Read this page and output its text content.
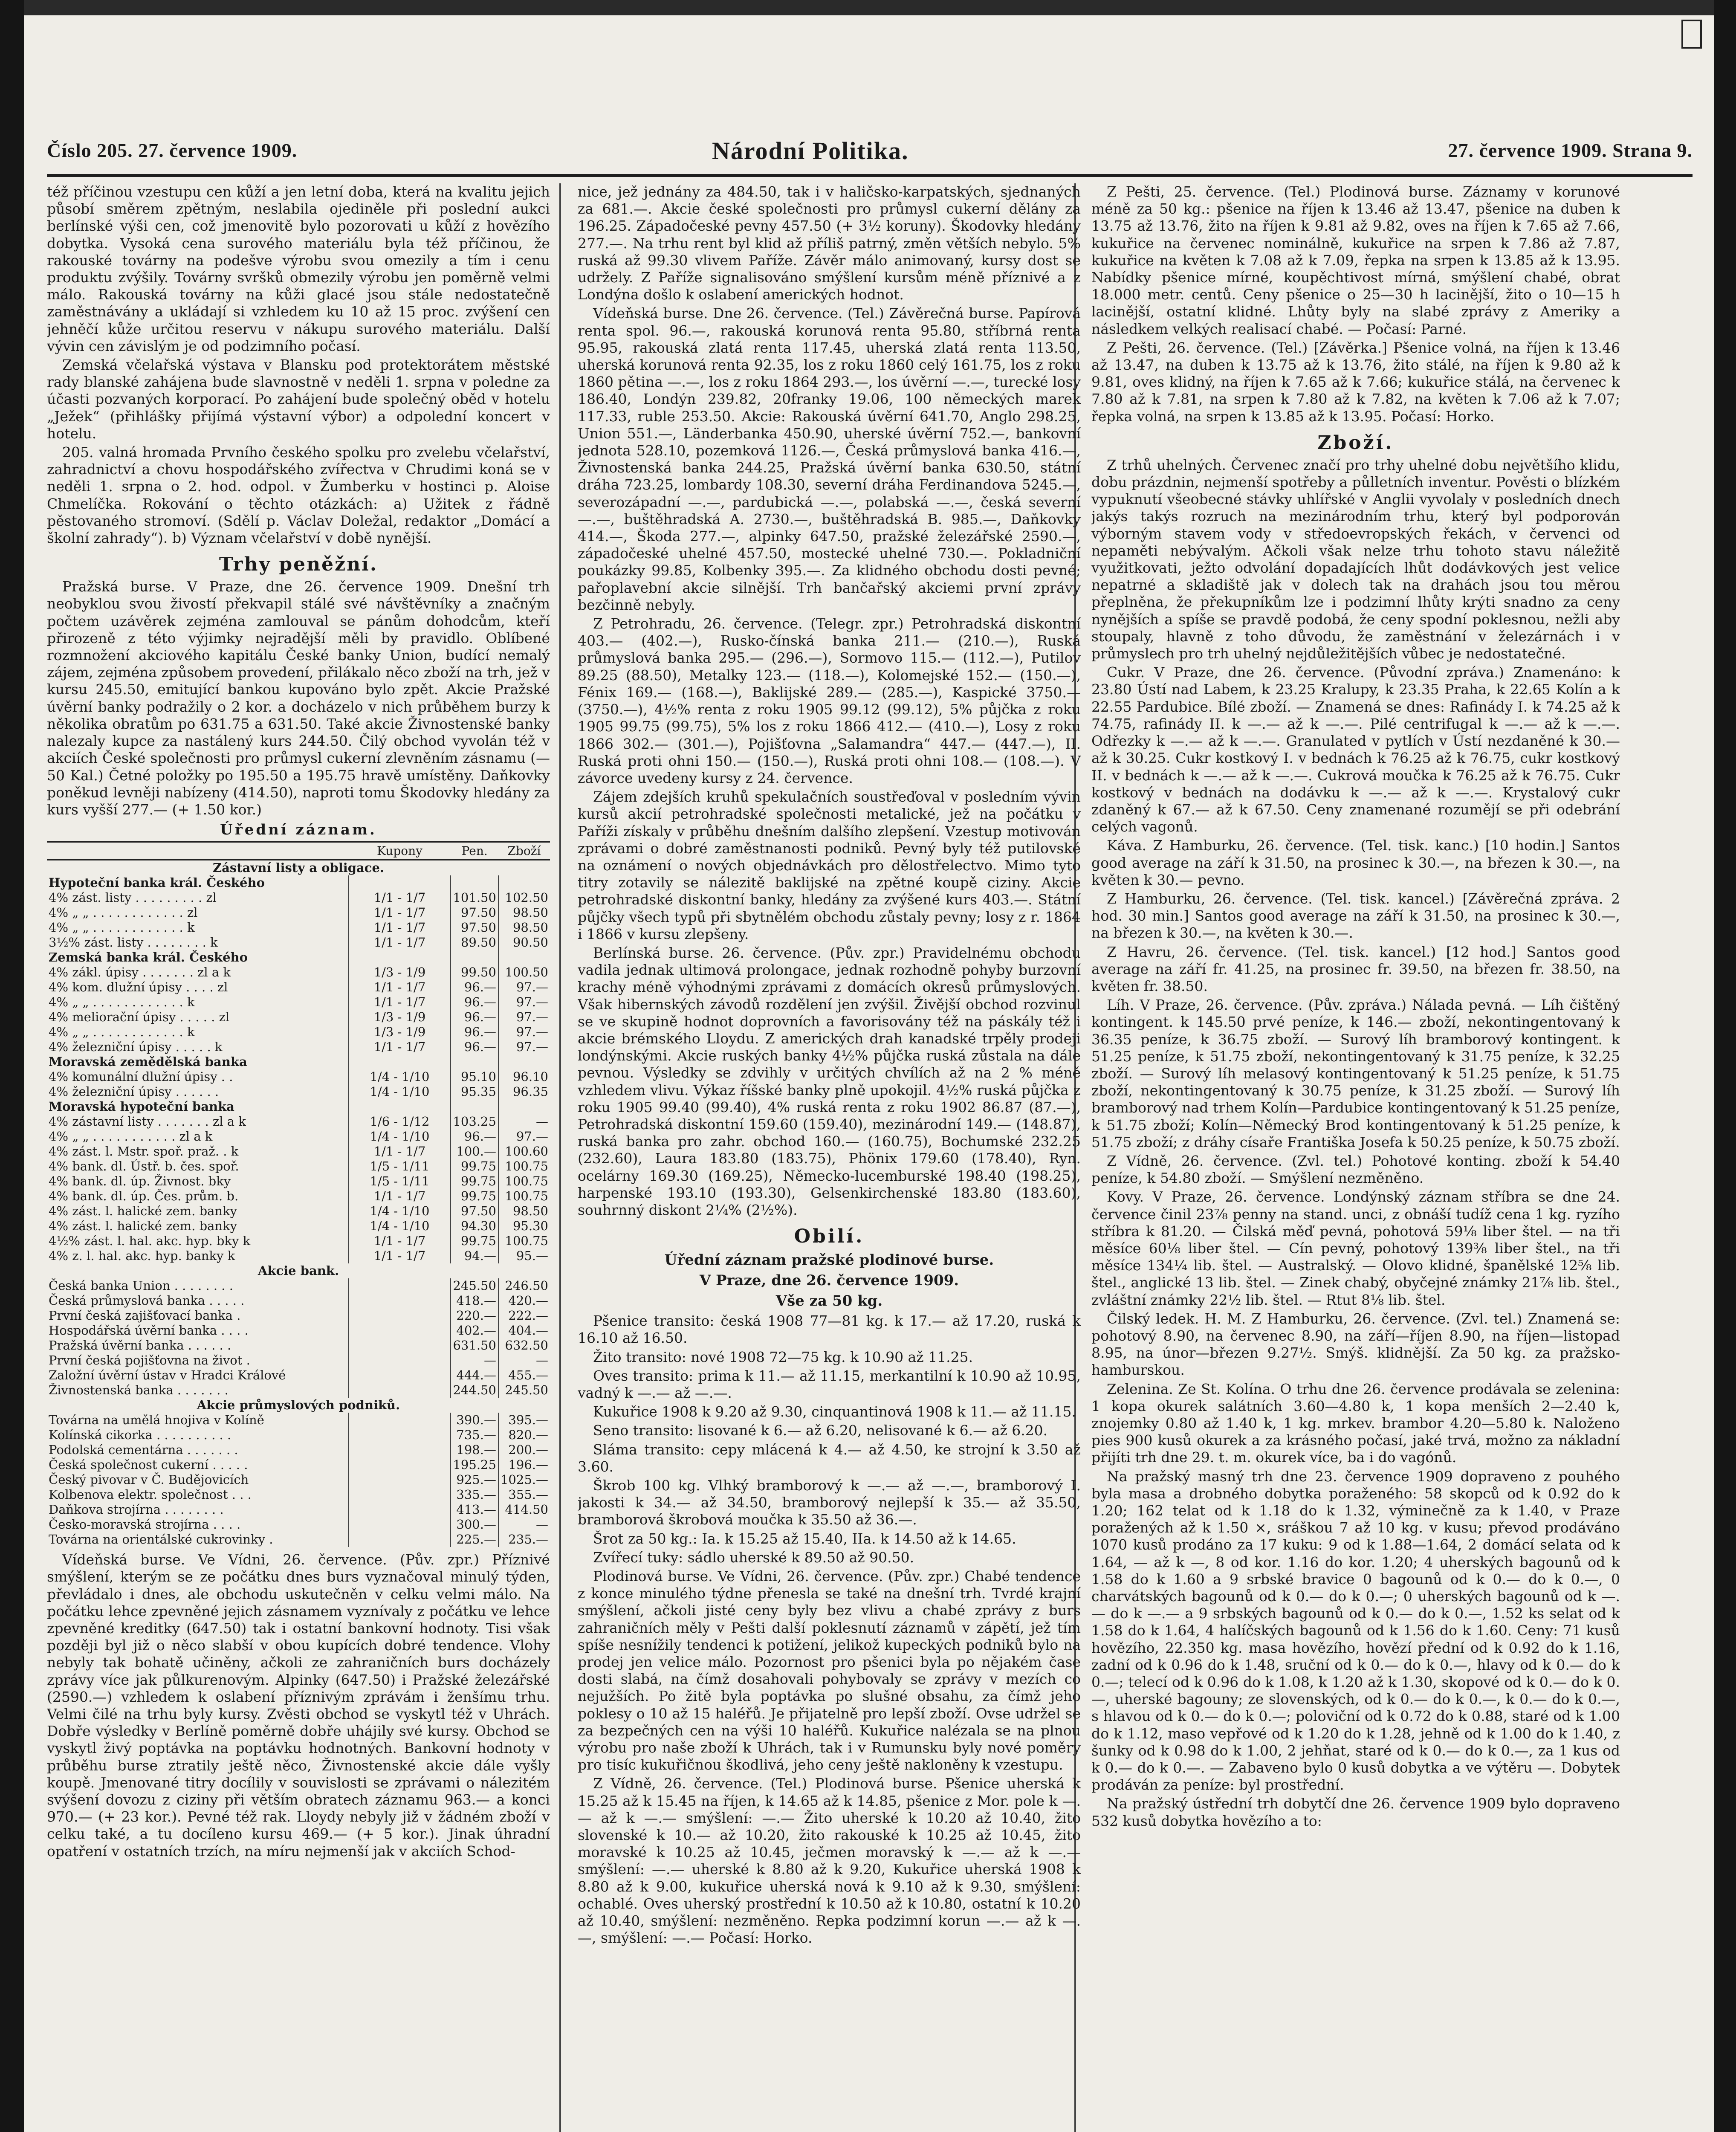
Číslo 205. 27. července 1909.	Národní Politika.	27. července 1909. Strana 9.

též příčinou vzestupu cen kůží a jen letní doba, která na kvalitu jejich působí směrem zpětným, neslabila ojediněle při poslední aukci berlínské výši cen, což jmenovitě bylo pozorovati u kůží z hovězího dobytka. Vysoká cena surového materiálu byla též příčinou, že rakouské továrny na podešve výrobu svou omezily a tím i cenu produktu zvýšily. Továrny svršků obmezily výrobu jen poměrně velmi málo. Rakouská továrny na kůži glacé jsou stále nedostatečně zaměstnávány a ukládají si vzhledem ku 10 až 15 proc. zvýšení cen jehněčí kůže určitou reservu v nákupu surového materiálu. Další vývin cen závislým je od podzimního počasí.

Zemská včelařská výstava v Blansku pod protektorátem městské rady blanské zahájena bude slavnostně v neděli 1. srpna v poledne za účasti pozvaných korporací. Po zahájení bude společný oběd v hotelu „Ježek“ (přihlášky přijímá výstavní výbor) a odpolední koncert v hotelu.

205. valná hromada Prvního českého spolku pro zvelebu včelařství, zahradnictví a chovu hospodářského zvířectva v Chrudimi koná se v neděli 1. srpna o 2. hod. odpol. v Žumberku v hostinci p. Aloise Chmelíčka. Rokování o těchto otázkách: a) Užitek z řádně pěstovaného stromoví. (Sdělí p. Václav Doležal, redaktor „Domácí a školní zahrady“). b) Význam včelařství v době nynější.

Trhy peněžní.

Pražská burse. V Praze, dne 26. července 1909. Dnešní trh neobyklou svou živostí překvapil stálé své návštěvníky a značným počtem uzávěrek zejména zamlouval se pánům dohodcům, kteří přirozeně z této výjimky nejradější měli by pravidlo. Oblíbené rozmnožení akciového kapitálu České banky Union, budící nemalý zájem, zejména způsobem provedení, přilákalo něco zboží na trh, jež v kursu 245.50, emitující bankou kupováno bylo zpět. Akcie Pražské úvěrní banky podražily o 2 kor. a docházelo v nich průběhem burzy k několika obratům po 631.75 a 631.50. Také akcie Živnostenské banky nalezaly kupce za nastálený kurs 244.50. Čilý obchod vyvolán též v akciích České společnosti pro průmysl cukerní zlevněním zásnamu (—50 Kal.) Četné položky po 195.50 a 195.75 hravě umístěny. Daňkovky poněkud levněji nabízeny (414.50), naproti tomu Škodovky hledány za kurs vyšší 277.— (+ 1.50 kor.)

Úřední záznam.
	Kupony	Pen.	Zboží
Zástavní listy a obligace.			
Hypoteční banka král. Českého			
4% zást. listy . . . . . . . . . zl	1/1 - 1/7	101.50	102.50
4% „ „ . . . . . . . . . . . . zl	1/1 - 1/7	97.50	98.50
4% „ „ . . . . . . . . . . . . k	1/1 - 1/7	97.50	98.50
3½% zást. listy . . . . . . . . k	1/1 - 1/7	89.50	90.50
Zemská banka král. Českého			
4% zákl. úpisy . . . . . . . zl a k	1/3 - 1/9	99.50	100.50
4% kom. dlužní úpisy . . . . zl	1/1 - 1/7	96.—	97.—
4% „ „ . . . . . . . . . . . . k	1/1 - 1/7	96.—	97.—
4% meliorační úpisy . . . . . zl	1/3 - 1/9	96.—	97.—
4% „ „ . . . . . . . . . . . . k	1/3 - 1/9	96.—	97.—
4% železniční úpisy . . . . . k	1/1 - 1/7	96.—	97.—
Moravská zemědělská banka			
4% komunální dlužní úpisy . .	1/4 - 1/10	95.10	96.10
4% železniční úpisy . . . . . .	1/4 - 1/10	95.35	96.35
Moravská hypoteční banka			
4% zástavní listy . . . . . . . zl a k	1/6 - 1/12	103.25	—
4% „ „ . . . . . . . . . . . zl a k	1/4 - 1/10	96.—	97.—
4% zást. l. Mstr. spoř. praž. . k	1/1 - 1/7	100.—	100.60
4% bank. dl. Ústř. b. čes. spoř.	1/5 - 1/11	99.75	100.75
4% bank. dl. úp. Živnost. bky	1/5 - 1/11	99.75	100.75
4% bank. dl. úp. Čes. prům. b.	1/1 - 1/7	99.75	100.75
4% zást. l. halické zem. banky	1/4 - 1/10	97.50	98.50
4% zást. l. halické zem. banky	1/4 - 1/10	94.30	95.30
4½% zást. l. hal. akc. hyp. bky k	1/1 - 1/7	99.75	100.75
4% z. l. hal. akc. hyp. banky k	1/1 - 1/7	94.—	95.—
Akcie bank.			
Česká banka Union . . . . . . . .		245.50	246.50
Česká průmyslová banka . . . . .		418.—	420.—
První česká zajišťovací banka .		220.—	222.—
Hospodářská úvěrní banka . . . .		402.—	404.—
Pražská úvěrní banka . . . . . .		631.50	632.50
První česká pojišťovna na život .		—	—
Založní úvěrní ústav v Hradci Králové		444.—	455.—
Živnostenská banka . . . . . . .		244.50	245.50
Akcie průmyslových podniků.			
Továrna na umělá hnojiva v Kolíně		390.—	395.—
Kolínská cikorka . . . . . . . . . .		735.—	820.—
Podolská cementárna . . . . . . .		198.—	200.—
Česká společnost cukerní . . . . .		195.25	196.—
Český pivovar v Č. Budějovicích		925.—	1025.—
Kolbenova elektr. společnost . . .		335.—	355.—
Daňkova strojírna . . . . . . . .		413.—	414.50
Česko-moravská strojírna . . . .		300.—	—
Továrna na orientálské cukrovinky .		225.—	235.—

Vídeňská burse. Ve Vídni, 26. července. (Pův. zpr.) Příznivé smýšlení, kterým se ze počátku dnes burs vyznačoval minulý týden, převládalo i dnes, ale obchodu uskutečněn v celku velmi málo. Na počátku lehce zpevněné jejich zásnamem vyznívaly z počátku ve lehce zpevněné kreditky (647.50) tak i ostatní bankovní hodnoty. Tisi však později byl již o něco slabší v obou kupících dobré tendence. Vlohy nebyly tak bohatě učiněny, ačkoli ze zahraničních burs docházely zprávy více jak půlkurenovým. Alpinky (647.50) i Pražské železářské (2590.—) vzhledem k oslabení příznivým zprávám i ženšímu trhu. Velmi čilé na trhu byly kursy. Zvěsti obchod se vyskytl též v Uhrách. Dobře výsledky v Berlíně poměrně dobře uhájily své kursy. Obchod se vyskytl živý poptávka na poptávku hodnotných. Bankovní hodnoty v průběhu burse ztratily ještě něco, Živnostenské akcie dále vyšly koupě. Jmenované titry docílily v souvislosti se zprávami o nálezitém svýšení dovozu z ciziny při větším obratech záznamu 963.— a konci 970.— (+ 23 kor.). Pevné též rak. Lloydy nebyly již v žádném zboží v celku také, a tu docíleno kursu 469.— (+ 5 kor.). Jinak úhradní opatření v ostatních trzích, na míru nejmenší jak v akciích Schod-

nice, jež jednány za 484.50, tak i v haličsko-karpatských, sjednaných za 681.—. Akcie české společnosti pro průmysl cukerní dělány za 196.25. Západočeské pevny 457.50 (+ 3½ koruny). Škodovky hledány 277.—. Na trhu rent byl klid až příliš patrný, změn větších nebylo. 5% ruská až 99.30 vlivem Paříže. Závěr málo animovaný, kursy dost se udržely. Z Paříže signalisováno smýšlení kursům méně příznivé a z Londýna došlo k oslabení amerických hodnot.

Vídeňská burse. Dne 26. července. (Tel.) Závěrečná burse. Papírová renta spol. 96.—, rakouská korunová renta 95.80, stříbrná renta 95.95, rakouská zlatá renta 117.45, uherská zlatá renta 113.50, uherská korunová renta 92.35, los z roku 1860 celý 161.75, los z roku 1860 pětina —.—, los z roku 1864 293.—, los úvěrní —.—, turecké losy 186.40, Londýn 239.82, 20franky 19.06, 100 německých marek 117.33, ruble 253.50. Akcie: Rakouská úvěrní 641.70, Anglo 298.25, Union 551.—, Länderbanka 450.90, uherské úvěrní 752.—, bankovní jednota 528.10, pozemková 1126.—, Česká průmyslová banka 416.—, Živnostenská banka 244.25, Pražská úvěrní banka 630.50, státní dráha 723.25, lombardy 108.30, severní dráha Ferdinandova 5245.—, severozápadní —.—, pardubická —.—, polabská —.—, česká severní —.—, buštěhradská A. 2730.—, buštěhradská B. 985.—, Daňkovky 414.—, Škoda 277.—, alpinky 647.50, pražské železářské 2590.—, západočeské uhelné 457.50, mostecké uhelné 730.—. Pokladniční poukázky 99.85, Kolbenky 395.—. Za klidného obchodu dosti pevné; pařoplavební akcie silnější. Trh bančařský akciemi první zprávy bezčinně nebyly.

Z Petrohradu, 26. července. (Telegr. zpr.) Petrohradská diskontní 403.— (402.—), Rusko-čínská banka 211.— (210.—), Ruská průmyslová banka 295.— (296.—), Sormovo 115.— (112.—), Putilov 89.25 (88.50), Metalky 123.— (118.—), Kolomejské 152.— (150.—), Fénix 169.— (168.—), Baklijské 289.— (285.—), Kaspické 3750.— (3750.—), 4½% renta z roku 1905 99.12 (99.12), 5% půjčka z roku 1905 99.75 (99.75), 5% los z roku 1866 412.— (410.—), Losy z roku 1866 302.— (301.—), Pojišťovna „Salamandra“ 447.— (447.—), II. Ruská proti ohni 150.— (150.—), Ruská proti ohni 108.— (108.—). V závorce uvedeny kursy z 24. července.

Zájem zdejších kruhů spekulačních soustřeďoval v posledním vývin kursů akcií petrohradské společnosti metalické, jež na počátku v Paříži získaly v průběhu dnešním dalšího zlepšení. Vzestup motivován zprávami o dobré zaměstnanosti podniků. Pevný byly též putilovské na oznámení o nových objednávkách pro dělostřelectvo. Mimo tyto titry zotavily se nálezitě baklijské na zpětné koupě ciziny. Akcie petrohradské diskontní banky, hledány za zvýšené kurs 403.—. Státní půjčky všech typů při sbytnělém obchodu zůstaly pevny; losy z r. 1864 i 1866 v kursu zlepšeny.

Berlínská burse. 26. července. (Pův. zpr.) Pravidelnému obchodu vadila jednak ultimová prolongace, jednak rozhodně pohyby burzovní krachy méně výhodnými zprávami z domácích okresů průmyslových. Však hibernských závodů rozdělení jen zvýšil. Živější obchod rozvinul se ve skupině hodnot doprovních a favorisovány též na páskály též i akcie brémského Lloydu. Z amerických drah kanadské trpěly prodeji londýnskými. Akcie ruských banky 4½% půjčka ruská zůstala na dále pevnou. Výsledky se zdvihly v určitých chvílích až na 2 % méně vzhledem vlivu. Výkaz říšské banky plně upokojil. 4½% ruská půjčka z roku 1905 99.40 (99.40), 4% ruská renta z roku 1902 86.87 (87.—), Petrohradská diskontní 159.60 (159.40), mezinárodní 149.— (148.87), ruská banka pro zahr. obchod 160.— (160.75), Bochumské 232.25 (232.60), Laura 183.80 (183.75), Phönix 179.60 (178.40), Ryn. ocelárny 169.30 (169.25), Německo-lucemburské 198.40 (198.25), harpenské 193.10 (193.30), Gelsenkirchenské 183.80 (183.60), souhrnný diskont 2¼% (2½%).

Obilí.
Úřední záznam pražské plodinové burse.
V Praze, dne 26. července 1909.
Vše za 50 kg.

Pšenice transito: česká 1908 77—81 kg. k 17.— až 17.20, ruská k 16.10 až 16.50.

Žito transito: nové 1908 72—75 kg. k 10.90 až 11.25.

Oves transito: prima k 11.— až 11.15, merkantilní k 10.90 až 10.95, vadný k —.— až —.—.

Kukuřice 1908 k 9.20 až 9.30, cinquantinová 1908 k 11.— až 11.15.

Seno transito: lisované k 6.— až 6.20, nelisované k 6.— až 6.20.

Sláma transito: cepy mlácená k 4.— až 4.50, ke strojní k 3.50 až 3.60.

Škrob 100 kg. Vlhký bramborový k —.— až —.—, bramborový I. jakosti k 34.— až 34.50, bramborový nejlepší k 35.— až 35.50, bramborová škrobová moučka k 35.50 až 36.—.

Šrot za 50 kg.: Ia. k 15.25 až 15.40, IIa. k 14.50 až k 14.65.

Zvířecí tuky: sádlo uherské k 89.50 až 90.50.

Plodinová burse. Ve Vídni, 26. července. (Pův. zpr.) Chabé tendence z konce minulého týdne přenesla se také na dnešní trh. Tvrdé krajní smýšlení, ačkoli jisté ceny byly bez vlivu a chabé zprávy z burs zahraničních měly v Pešti další poklesnutí záznamů v zápětí, jež tím spíše nesnížily tendenci k potižení, jelikož kupeckých podniků bylo na prodej jen velice málo. Pozornost pro pšenici byla po nějakém čase dosti slabá, na čímž dosahovali pohybovaly se zprávy v mezích co nejužších. Po žitě byla poptávka po slušné obsahu, za čímž jeho poklesy o 10 až 15 haléřů. Je přijatelně pro lepší zboží. Ovse udržel se za bezpečných cen na výši 10 haléřů. Kukuřice nalézala se na plnou výrobu pro naše zboží k Uhrách, tak i v Rumunsku byly nové poměry pro tisíc kukuřičnou škodlivá, jeho ceny ještě nakloněny k vzestupu.

Z Vídně, 26. července. (Tel.) Plodinová burse. Pšenice uherská k 15.25 až k 15.45 na říjen, k 14.65 až k 14.85, pšenice z Mor. pole k —.— až k —.— smýšlení: —.— Žito uherské k 10.20 až 10.40, žito slovenské k 10.— až 10.20, žito rakouské k 10.25 až 10.45, žito moravské k 10.25 až 10.45, ječmen moravský k —.— až k —.— smýšlení: —.— uherské k 8.80 až k 9.20, Kukuřice uherská 1908 k 8.80 až k 9.00, kukuřice uherská nová k 9.10 až k 9.30, smýšlení: ochablé. Oves uherský prostřední k 10.50 až k 10.80, ostatní k 10.20 až 10.40, smýšlení: nezměněno. Repka podzimní korun —.— až k —.—, smýšlení: —.— Počasí: Horko.

Z Pešti, 25. července. (Tel.) Plodinová burse. Záznamy v korunové méně za 50 kg.: pšenice na říjen k 13.46 až 13.47, pšenice na duben k 13.75 až 13.76, žito na říjen k 9.81 až 9.82, oves na říjen k 7.65 až 7.66, kukuřice na červenec nominálně, kukuřice na srpen k 7.86 až 7.87, kukuřice na květen k 7.08 až k 7.09, řepka na srpen k 13.85 až k 13.95. Nabídky pšenice mírné, koupěchtivost mírná, smýšlení chabé, obrat 18.000 metr. centů. Ceny pšenice o 25—30 h lacinější, žito o 10—15 h lacinější, ostatní klidné. Lhůty byly na slabé zprávy z Ameriky a následkem velkých realisací chabé. — Počasí: Parné.

Z Pešti, 26. července. (Tel.) [Závěrka.] Pšenice volná, na říjen k 13.46 až 13.47, na duben k 13.75 až k 13.76, žito stálé, na říjen k 9.80 až k 9.81, oves klidný, na říjen k 7.65 až k 7.66; kukuřice stálá, na červenec k 7.80 až k 7.81, na srpen k 7.80 až k 7.82, na květen k 7.06 až k 7.07; řepka volná, na srpen k 13.85 až k 13.95. Počasí: Horko.

Zboží.

Z trhů uhelných. Červenec značí pro trhy uhelné dobu největšího klidu, dobu prázdnin, nejmenší spotřeby a půlletních inventur. Pověsti o blízkém vypuknutí všeobecné stávky uhlířské v Anglii vyvolaly v posledních dnech jakýs takýs rozruch na mezinárodním trhu, který byl podporován výborným stavem vody v středoevropských řekách, v červenci od nepaměti nebývalým. Ačkoli však nelze trhu tohoto stavu náležitě využitkovati, ježto odvolání dopadajících lhůt dodávkových jest velice nepatrné a skladiště jak v dolech tak na drahách jsou tou měrou přeplněna, že překupníkům lze i podzimní lhůty krýti snadno za ceny nynějších a spíše se pravdě podobá, že ceny spodní poklesnou, nežli aby stoupaly, hlavně z toho důvodu, že zaměstnání v železárnách i v průmyslech pro trh uhelný nejdůležitějších vůbec je nedostatečné.

Cukr. V Praze, dne 26. července. (Původní zpráva.) Znamenáno: k 23.80 Ústí nad Labem, k 23.25 Kralupy, k 23.35 Praha, k 22.65 Kolín a k 22.55 Pardubice. Bílé zboží. — Znamená se dnes: Rafinády I. k 74.25 až k 74.75, rafinády II. k —.— až k —.—. Pilé centrifugal k —.— až k —.—. Odřezky k —.— až k —.—. Granulated v pytlích v Ústí nezdaněné k 30.— až k 30.25. Cukr kostkový I. v bednách k 76.25 až k 76.75, cukr kostkový II. v bednách k —.— až k —.—. Cukrová moučka k 76.25 až k 76.75. Cukr kostkový v bednách na dodávku k —.— až k —.—. Krystalový cukr zdaněný k 67.— až k 67.50. Ceny znamenané rozumějí se při odebrání celých vagonů.

Káva. Z Hamburku, 26. července. (Tel. tisk. kanc.) [10 hodin.] Santos good average na září k 31.50, na prosinec k 30.—, na březen k 30.—, na květen k 30.— pevno.

Z Hamburku, 26. července. (Tel. tisk. kancel.) [Závěrečná zpráva. 2 hod. 30 min.] Santos good average na září k 31.50, na prosinec k 30.—, na březen k 30.—, na květen k 30.—.

Z Havru, 26. července. (Tel. tisk. kancel.) [12 hod.] Santos good average na září fr. 41.25, na prosinec fr. 39.50, na březen fr. 38.50, na květen fr. 38.50.

Líh. V Praze, 26. července. (Pův. zpráva.) Nálada pevná. — Líh čištěný kontingent. k 145.50 prvé peníze, k 146.— zboží, nekontingentovaný k 36.35 peníze, k 36.75 zboží. — Surový líh bramborový kontingent. k 51.25 peníze, k 51.75 zboží, nekontingentovaný k 31.75 peníze, k 32.25 zboží. — Surový líh melasový kontingentovaný k 51.25 peníze, k 51.75 zboží, nekontingentovaný k 30.75 peníze, k 31.25 zboží. — Surový líh bramborový nad trhem Kolín—Pardubice kontingentovaný k 51.25 peníze, k 51.75 zboží; Kolín—Německý Brod kontingentovaný k 51.25 peníze, k 51.75 zboží; z dráhy císaře Františka Josefa k 50.25 peníze, k 50.75 zboží.

Z Vídně, 26. července. (Zvl. tel.) Pohotové konting. zboží k 54.40 peníze, k 54.80 zboží. — Smýšlení nezměněno.

Kovy. V Praze, 26. července. Londýnský záznam stříbra se dne 24. července činil 23⅞ penny na stand. unci, z obnáší tudíž cena 1 kg. ryzího stříbra k 81.20. — Čilská měď pevná, pohotová 59⅛ liber štel. — na tři měsíce 60⅛ liber štel. — Cín pevný, pohotový 139⅜ liber štel., na tři měsíce 134¼ lib. štel. — Australský. — Olovo klidné, španělské 12⅝ lib. štel., anglické 13 lib. štel. — Zinek chabý, obyčejné známky 21⅞ lib. štel., zvláštní známky 22½ lib. štel. — Rtut 8⅛ lib. štel.

Čilský ledek. H. M. Z Hamburku, 26. července. (Zvl. tel.) Znamená se: pohotový 8.90, na červenec 8.90, na září—říjen 8.90, na říjen—listopad 8.95, na únor—březen 9.27½. Smýš. klidnější. Za 50 kg. za pražsko-hamburskou.

Zelenina. Ze St. Kolína. O trhu dne 26. července prodávala se zelenina: 1 kopa okurek salátních 3.60—4.80 k, 1 kopa menších 2—2.40 k, znojemky 0.80 až 1.40 k, 1 kg. mrkev. brambor 4.20—5.80 k. Naloženo pies 900 kusů okurek a za krásného počasí, jaké trvá, možno za nákladní přijíti trh dne 29. t. m. okurek více, ba i do vagónů.

Na pražský masný trh dne 23. července 1909 dopraveno z pouhého byla masa a drobného dobytka poraženého: 58 skopců od k 0.92 do k 1.20; 162 telat od k 1.18 do k 1.32, výminečně za k 1.40, v Praze poražených až k 1.50 ×, sráškou 7 až 10 kg. v kusu; převod prodáváno 1070 kusů prodáno za 17 kuku: 9 od k 1.88—1.64, 2 domácí selata od k 1.64, — až k —, 8 od kor. 1.16 do kor. 1.20; 4 uherských bagounů od k 1.58 do k 1.60 a 9 srbské bravice 0 bagounů od k 0.— do k 0.—, 0 charvátských bagounů od k 0.— do k 0.—; 0 uherských bagounů od k —.— do k —.— a 9 srbských bagounů od k 0.— do k 0.—, 1.52 ks selat od k 1.58 do k 1.64, 4 halíčských bagounů od k 1.56 do k 1.60. Ceny: 71 kusů hovězího, 22.350 kg. masa hovězího, hovězí přední od k 0.92 do k 1.16, zadní od k 0.96 do k 1.48, sruční od k 0.— do k 0.—, hlavy od k 0.— do k 0.—; telecí od k 0.96 do k 1.08, k 1.20 až k 1.30, skopové od k 0.— do k 0.—, uherské bagouny; ze slovenských, od k 0.— do k 0.—, k 0.— do k 0.—, s hlavou od k 0.— do k 0.—; poloviční od k 0.72 do k 0.88, staré od k 1.00 do k 1.12, maso vepřové od k 1.20 do k 1.28, jehně od k 1.00 do k 1.40, z šunky od k 0.98 do k 1.00, 2 jehňat, staré od k 0.— do k 0.—, za 1 kus od k 0.— do k 0.—. — Zabaveno bylo 0 kusů dobytka a ve výtěru —. Dobytek prodáván za peníze: byl prostřední.

Na pražský ústřední trh dobytčí dne 26. července 1909 bylo dopraveno 532 kusů dobytka hovězího a to:
